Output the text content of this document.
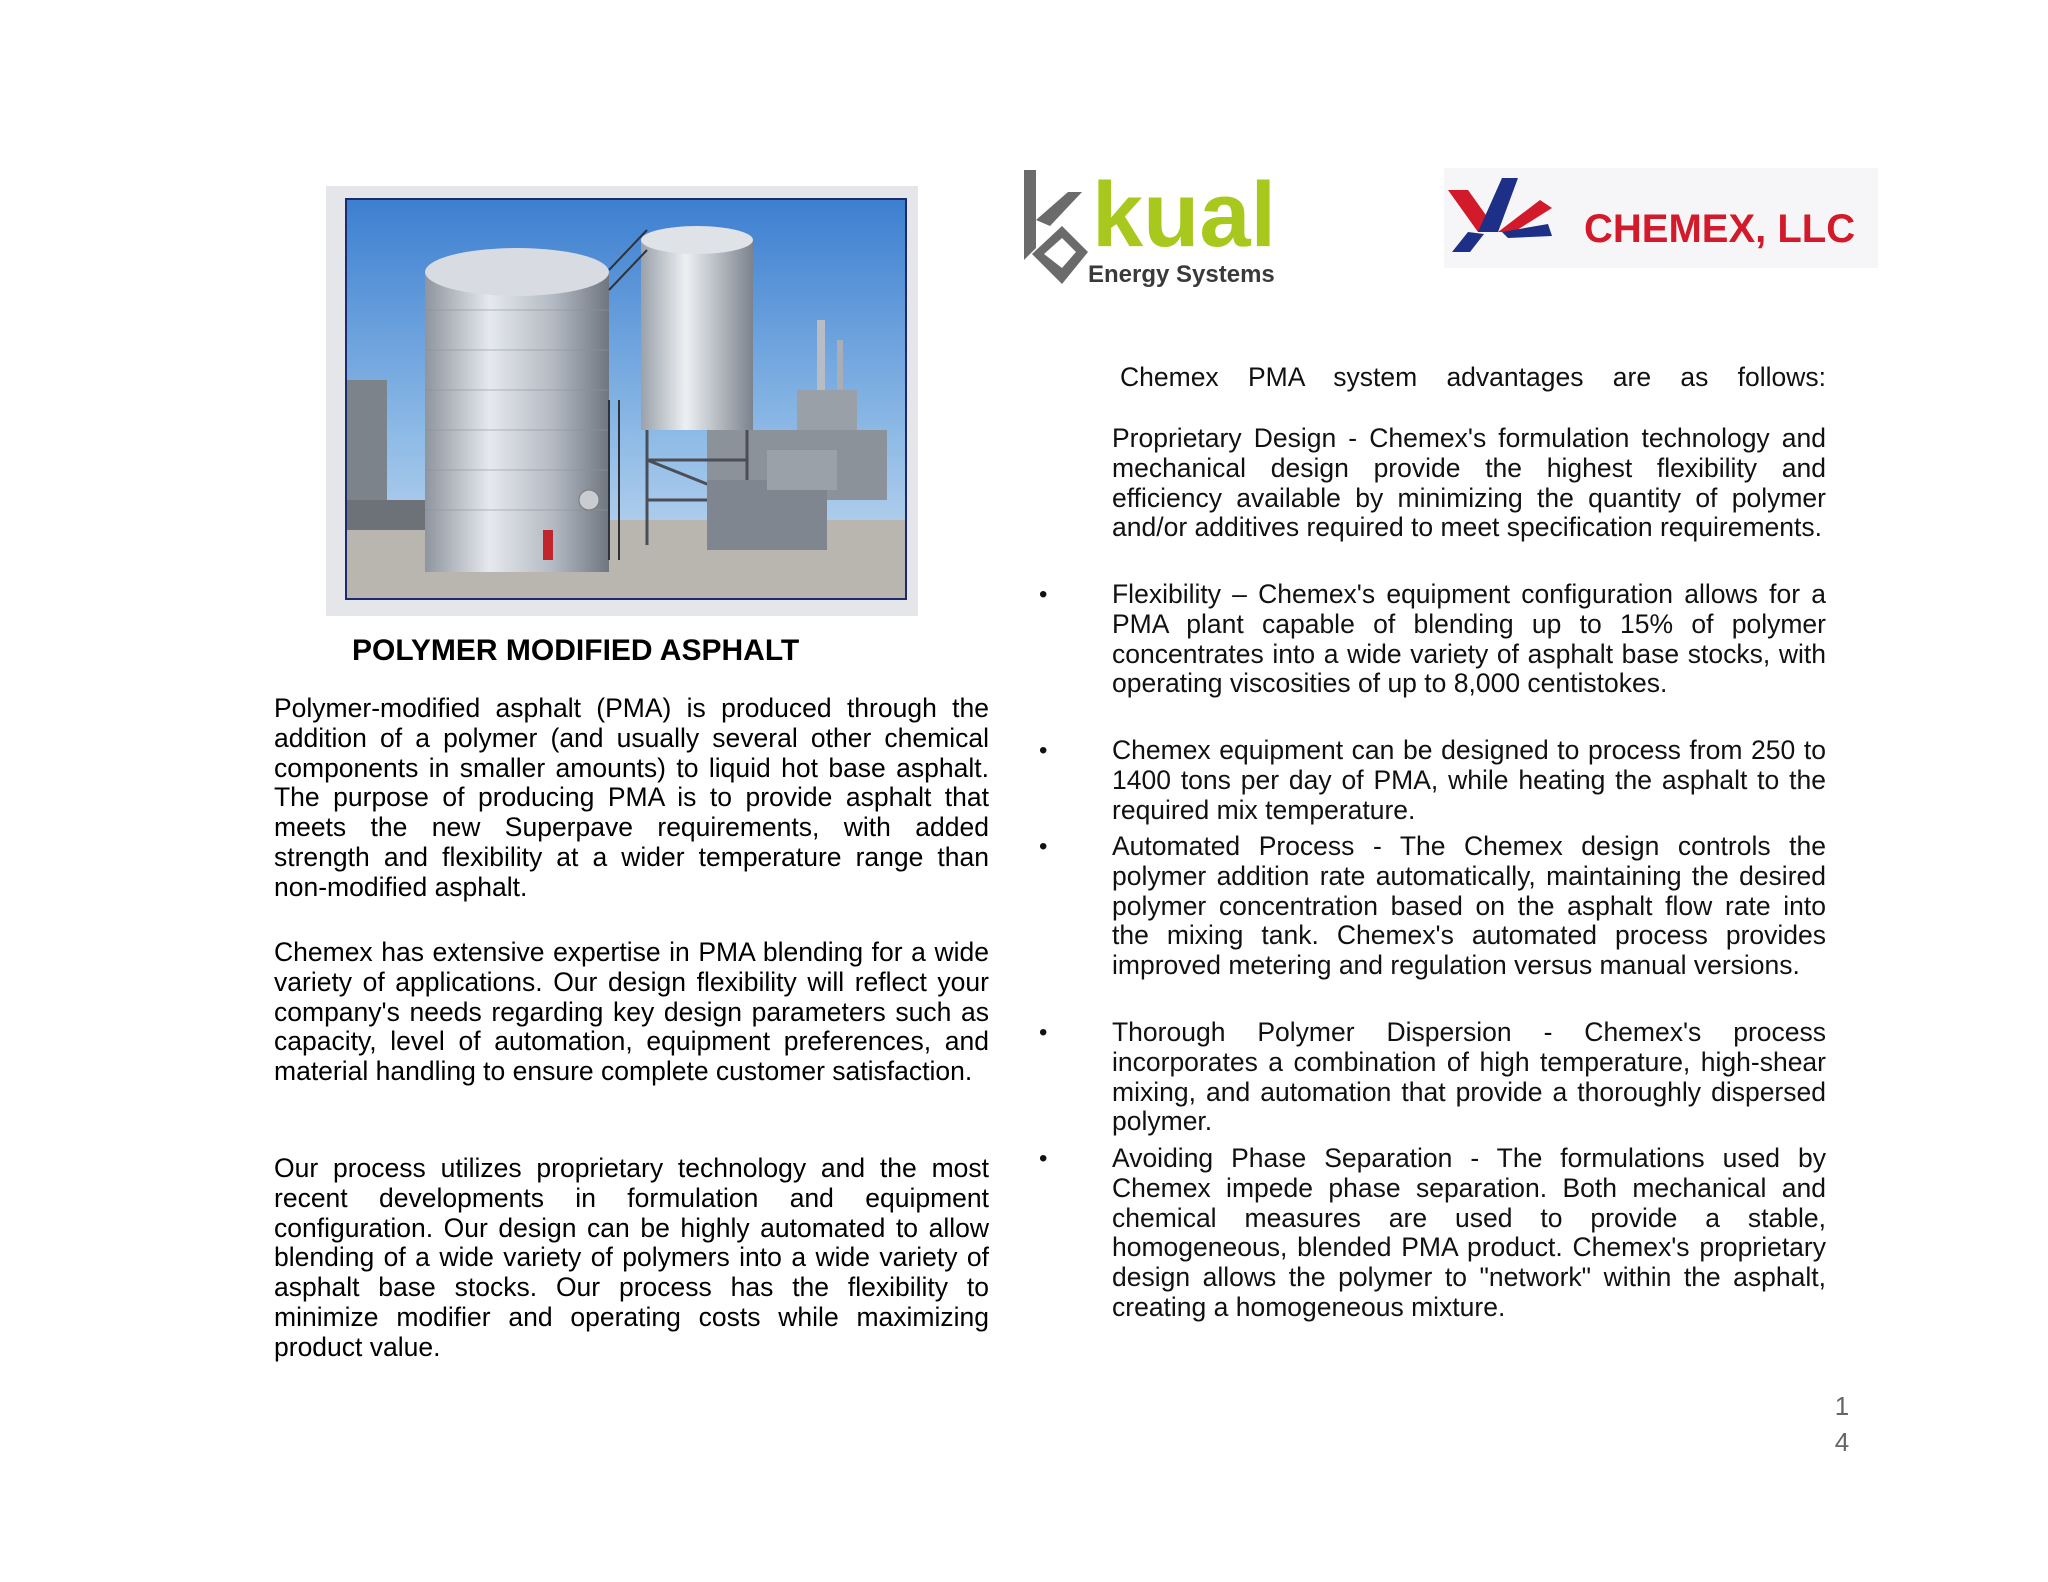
POLYMER MODIFIED ASPHALT
Polymer-modified asphalt (PMA) is produced through the addition of a polymer (and usually several other chemical components in smaller amounts) to liquid hot base asphalt. The purpose of producing PMA is to provide asphalt that meets the new Superpave requirements, with added strength and flexibility at a wider temperature range than non-modified asphalt.
Chemex has extensive expertise in PMA blending for a wide variety of applications. Our design flexibility will reflect your company's needs regarding key design parameters such as capacity, level of automation, equipment preferences, and material handling to ensure complete customer satisfaction.
Our process utilizes proprietary technology and the most recent developments in formulation and equipment configuration. Our design can be highly automated to allow blending of a wide variety of polymers into a wide variety of asphalt base stocks. Our process has the flexibility to minimize modifier and operating costs while maximizing product value.
kual
Energy Systems
CHEMEX, LLC
Chemex PMA system advantages are as follows:
Proprietary Design - Chemex's formulation technology and mechanical design provide the highest flexibility and efficiency available by minimizing the quantity of polymer and/or additives required to meet specification requirements.
• Flexibility – Chemex's equipment configuration allows for a PMA plant capable of blending up to 15% of polymer concentrates into a wide variety of asphalt base stocks, with operating viscosities of up to 8,000 centistokes.
• Chemex equipment can be designed to process from 250 to 1400 tons per day of PMA, while heating the asphalt to the required mix temperature.
• Automated Process - The Chemex design controls the polymer addition rate automatically, maintaining the desired polymer concentration based on the asphalt flow rate into the mixing tank. Chemex's automated process provides improved metering and regulation versus manual versions.
• Thorough Polymer Dispersion - Chemex's process incorporates a combination of high temperature, high-shear mixing, and automation that provide a thoroughly dispersed polymer.
• Avoiding Phase Separation - The formulations used by Chemex impede phase separation. Both mechanical and chemical measures are used to provide a stable, homogeneous, blended PMA product. Chemex's proprietary design allows the polymer to "network" within the asphalt, creating a homogeneous mixture.
1
4
